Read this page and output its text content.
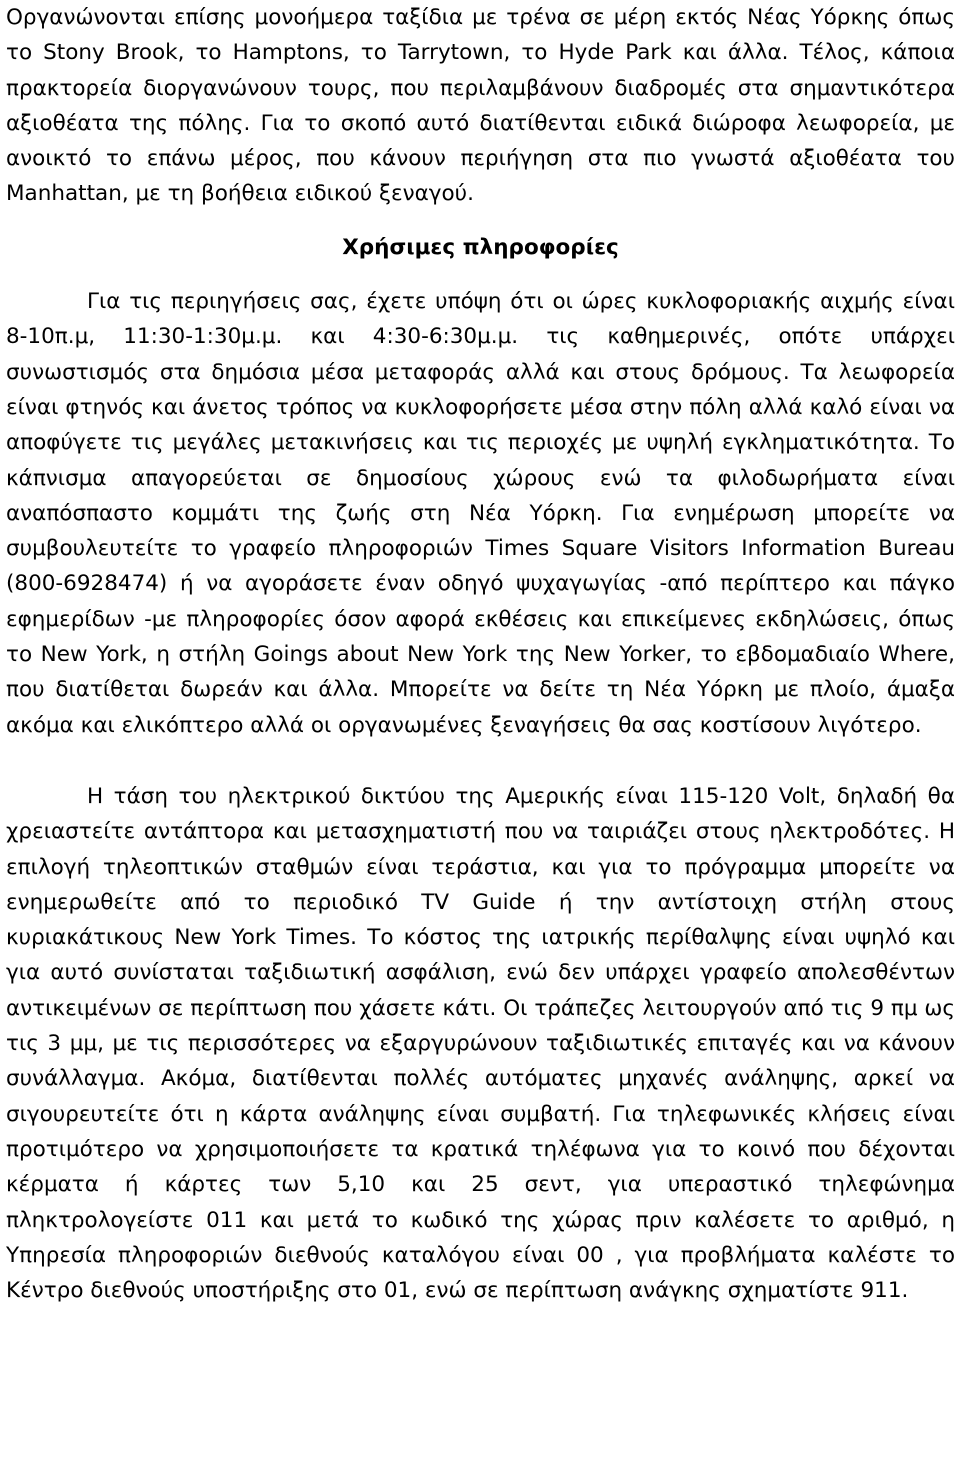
Οργανώνονται επίσης μονοήμερα ταξίδια με τρένα σε μέρη εκτός Νέας Υόρκης όπως το Stony Brook, το Hamptons, το Tarrytown, το Hyde Park και άλλα. Τέλος, κάποια πρακτορεία διοργανώνουν τουρς, που περιλαμβάνουν διαδρομές στα σημαντικότερα αξιοθέατα της πόλης. Για το σκοπό αυτό διατίθενται ειδικά διώροφα λεωφορεία, με ανοικτό το επάνω μέρος, που κάνουν περιήγηση στα πιο γνωστά αξιοθέατα του Manhattan, με τη βοήθεια ειδικού ξεναγού.

Χρήσιμες πληροφορίες

Για τις περιηγήσεις σας, έχετε υπόψη ότι οι ώρες κυκλοφοριακής αιχμής είναι 8-10π.μ, 11:30-1:30μ.μ. και 4:30-6:30μ.μ. τις καθημερινές, οπότε υπάρχει συνωστισμός στα δημόσια μέσα μεταφοράς αλλά και στους δρόμους. Τα λεωφορεία είναι φτηνός και άνετος τρόπος να κυκλοφορήσετε μέσα στην πόλη αλλά καλό είναι να αποφύγετε τις μεγάλες μετακινήσεις και τις περιοχές με υψηλή εγκληματικότητα. Το κάπνισμα απαγορεύεται σε δημοσίους χώρους ενώ τα φιλοδωρήματα είναι αναπόσπαστο κομμάτι της ζωής στη Νέα Υόρκη. Για ενημέρωση μπορείτε να συμβουλευτείτε το γραφείο πληροφοριών Times Square Visitors Information Bureau (800-6928474) ή να αγοράσετε έναν οδηγό ψυχαγωγίας -από περίπτερο και πάγκο εφημερίδων -με πληροφορίες όσον αφορά εκθέσεις και επικείμενες εκδηλώσεις, όπως το New York, η στήλη Goings about New York της New Yorker, το εβδομαδιαίο Where, που διατίθεται δωρεάν και άλλα. Μπορείτε να δείτε τη Νέα Υόρκη με πλοίο, άμαξα ακόμα και ελικόπτερο αλλά οι οργανωμένες ξεναγήσεις θα σας κοστίσουν λιγότερο.

Η τάση του ηλεκτρικού δικτύου της Αμερικής είναι 115-120 Volt, δηλαδή θα χρειαστείτε αντάπτορα και μετασχηματιστή που να ταιριάζει στους ηλεκτροδότες. Η επιλογή τηλεοπτικών σταθμών είναι τεράστια, και για το πρόγραμμα μπορείτε να ενημερωθείτε από το περιοδικό TV Guide ή την αντίστοιχη στήλη στους κυριακάτικους New York Times. Το κόστος της ιατρικής περίθαλψης είναι υψηλό και για αυτό συνίσταται ταξιδιωτική ασφάλιση, ενώ δεν υπάρχει γραφείο απολεσθέντων αντικειμένων σε περίπτωση που χάσετε κάτι. Οι τράπεζες λειτουργούν από τις 9 πμ ως τις 3 μμ, με τις περισσότερες να εξαργυρώνουν ταξιδιωτικές επιταγές και να κάνουν συνάλλαγμα. Ακόμα, διατίθενται πολλές αυτόματες μηχανές ανάληψης, αρκεί να σιγουρευτείτε ότι η κάρτα ανάληψης είναι συμβατή. Για τηλεφωνικές κλήσεις είναι προτιμότερο να χρησιμοποιήσετε τα κρατικά τηλέφωνα για το κοινό που δέχονται κέρματα ή κάρτες των 5,10 και 25 σεντ, για υπεραστικό τηλεφώνημα πληκτρολογείστε 011 και μετά το κωδικό της χώρας πριν καλέσετε το αριθμό, η Υπηρεσία πληροφοριών διεθνούς καταλόγου είναι 00 , για προβλήματα καλέστε το Κέντρο διεθνούς υποστήριξης στο 01, ενώ σε περίπτωση ανάγκης σχηματίστε 911.
